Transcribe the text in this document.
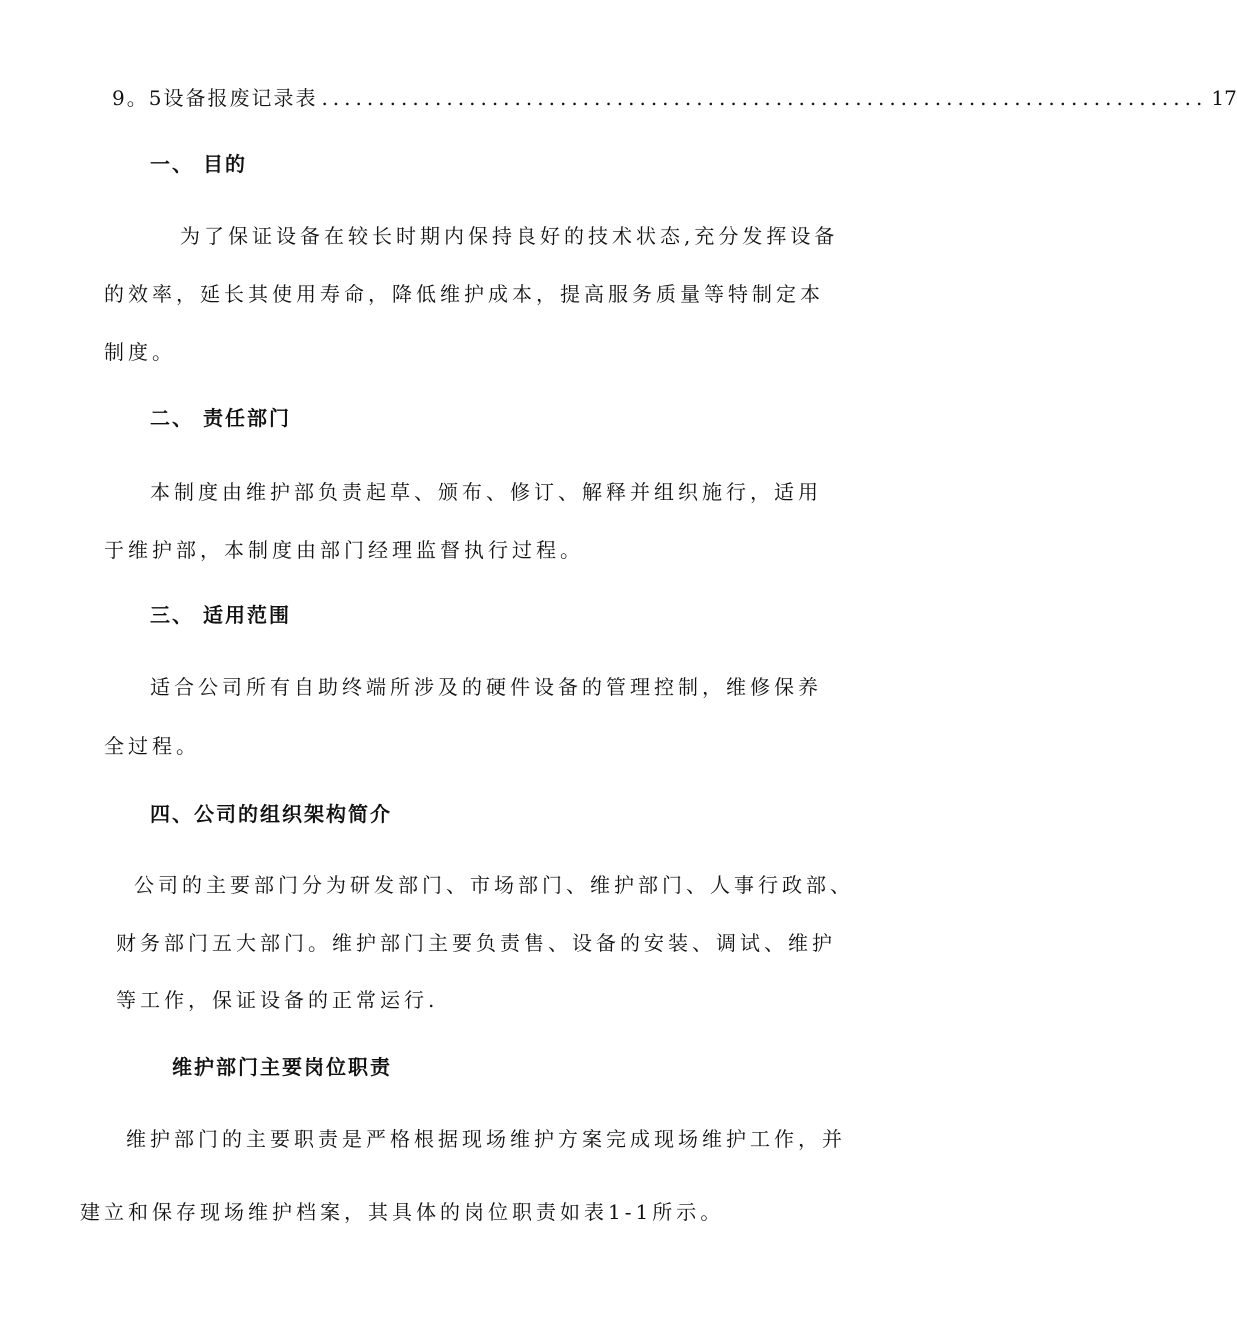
9。5设备报废记录表 .............................................................................. 17
一、 目的
为了保证设备在较长时期内保持良好的技术状态,充分发挥设备
的效率，延长其使用寿命，降低维护成本，提高服务质量等特制定本
制度。
二、 责任部门
本制度由维护部负责起草、颁布、修订、解释并组织施行，适用
于维护部，本制度由部门经理监督执行过程。
三、 适用范围
适合公司所有自助终端所涉及的硬件设备的管理控制，维修保养
全过程。
四、公司的组织架构简介
公司的主要部门分为研发部门、市场部门、维护部门、人事行政部、
财务部门五大部门。维护部门主要负责售、设备的安装、调试、维护
等工作，保证设备的正常运行.
维护部门主要岗位职责
维护部门的主要职责是严格根据现场维护方案完成现场维护工作，并
建立和保存现场维护档案，其具体的岗位职责如表1-1所示。
